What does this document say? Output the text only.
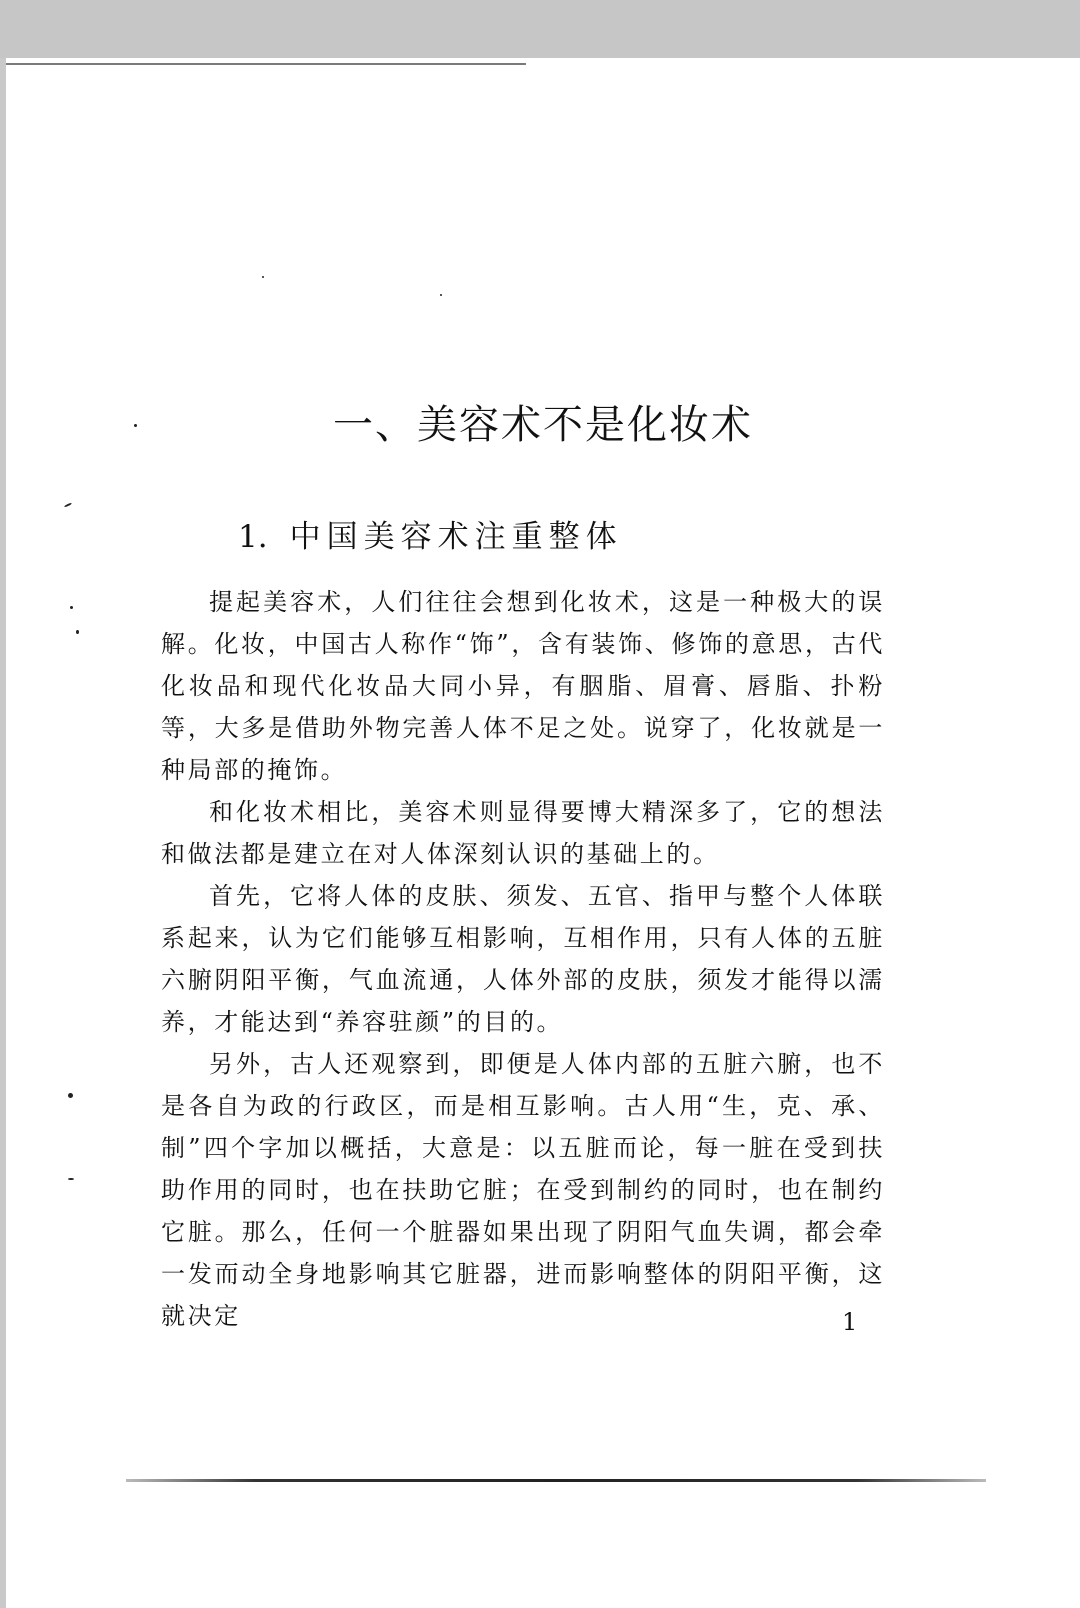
一、美容术不是化妆术
1. 中国美容术注重整体

提起美容术，人们往往会想到化妆术，这是一种极大的误解。化妆，中国古人称作“饰”，含有装饰、修饰的意思，古代化妆品和现代化妆品大同小异，有胭脂、眉膏、唇脂、扑粉等，大多是借助外物完善人体不足之处。说穿了，化妆就是一种局部的掩饰。

和化妆术相比，美容术则显得要博大精深多了，它的想法和做法都是建立在对人体深刻认识的基础上的。

首先，它将人体的皮肤、须发、五官、指甲与整个人体联系起来，认为它们能够互相影响，互相作用，只有人体的五脏六腑阴阳平衡，气血流通，人体外部的皮肤，须发才能得以濡养，才能达到“养容驻颜”的目的。

另外，古人还观察到，即便是人体内部的五脏六腑，也不是各自为政的行政区，而是相互影响。古人用“生，克、承、制”四个字加以概括，大意是：以五脏而论，每一脏在受到扶助作用的同时，也在扶助它脏；在受到制约的同时，也在制约它脏。那么，任何一个脏器如果出现了阴阳气血失调，都会牵一发而动全身地影响其它脏器，进而影响整体的阴阳平衡，这就决定	1
